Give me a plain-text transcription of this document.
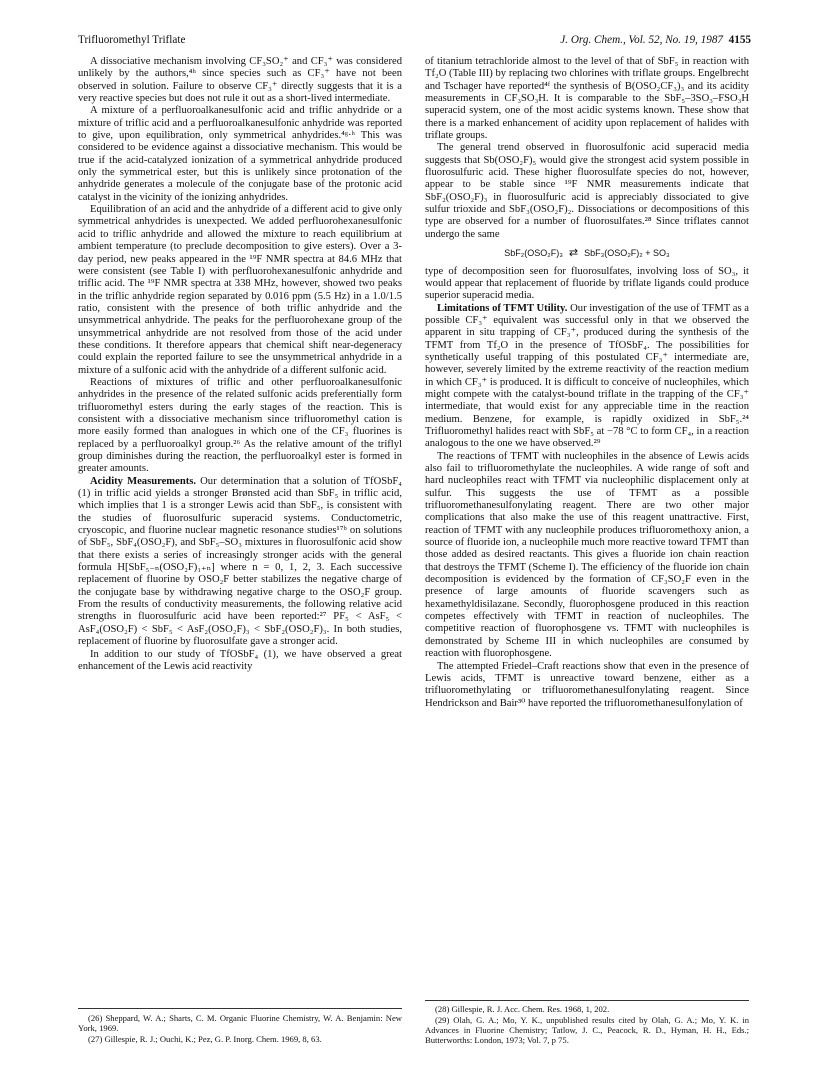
Trifluoromethyl Triflate	J. Org. Chem., Vol. 52, No. 19, 1987 4155

A dissociative mechanism involving CF₃SO₂⁺ and CF₃⁺ was considered unlikely by the authors,⁴ʰ since species such as CF₃⁺ have not been observed in solution. Failure to observe CF₃⁺ directly suggests that it is a very reactive species but does not rule it out as a short-lived intermediate.

A mixture of a perfluoroalkanesulfonic acid and triflic anhydride or a mixture of triflic acid and a perfluoroalkanesulfonic anhydride was reported to give, upon equilibration, only symmetrical anhydrides.⁴ᵍ·ʰ This was considered to be evidence against a dissociative mechanism. This would be true if the acid-catalyzed ionization of a symmetrical anhydride produced only the symmetrical ester, but this is unlikely since protonation of the anhydride generates a molecule of the conjugate base of the protonic acid catalyst in the vicinity of the ionizing anhydrides.

Equilibration of an acid and the anhydride of a different acid to give only symmetrical anhydrides is unexpected. We added perfluorohexanesulfonic acid to triflic anhydride and allowed the mixture to reach equilibrium at ambient temperature (to preclude decomposition to give esters). Over a 3-day period, new peaks appeared in the ¹⁹F NMR spectra at 84.6 MHz that were consistent (see Table I) with perfluorohexanesulfonic anhydride and triflic acid. The ¹⁹F NMR spectra at 338 MHz, however, showed two peaks in the triflic anhydride region separated by 0.016 ppm (5.5 Hz) in a 1.0/1.5 ratio, consistent with the presence of both triflic anhydride and the unsymmetrical anhydride. The peaks for the perfluorohexane group of the unsymmetrical anhydride are not resolved from those of the acid under these conditions. It therefore appears that chemical shift near-degeneracy could explain the reported failure to see the unsymmetrical anhydride in a mixture of a sulfonic acid with the anhydride of a different sulfonic acid.

Reactions of mixtures of triflic and other perfluoroalkanesulfonic anhydrides in the presence of the related sulfonic acids preferentially form trifluoromethyl esters during the early stages of the reaction. This is consistent with a dissociative mechanism since trifluoromethyl cation is more easily formed than analogues in which one of the CF₃ fluorines is replaced by a perfluoroalkyl group.²⁶ As the relative amount of the triflyl group diminishes during the reaction, the perfluoroalkyl ester is formed in greater amounts.

Acidity Measurements. Our determination that a solution of TfOSbF₄ (1) in triflic acid yields a stronger Brønsted acid than SbF₅ in triflic acid, which implies that 1 is a stronger Lewis acid than SbF₅, is consistent with the studies of fluorosulfuric superacid systems. Conductometric, cryoscopic, and fluorine nuclear magnetic resonance studies¹⁷ᵇ on solutions of SbF₅, SbF₄(OSO₂F), and SbF₅–SO₃ mixtures in fluorosulfonic acid show that there exists a series of increasingly stronger acids with the general formula H[SbF₅₋ₙ(OSO₂F)₁₊ₙ] where n = 0, 1, 2, 3. Each successive replacement of fluorine by OSO₂F better stabilizes the negative charge of the conjugate base by withdrawing negative charge to the OSO₂F group. From the results of conductivity measurements, the following relative acid strengths in fluorosulfuric acid have been reported:²⁷ PF₅ < AsF₅ < AsF₄(OSO₂F) < SbF₅ < AsF₂(OSO₂F)₃ < SbF₂(OSO₂F)₃. In both studies, replacement of fluorine by fluorosulfate gave a stronger acid.

In addition to our study of TfOSbF₄ (1), we have observed a great enhancement of the Lewis acid reactivity

of titanium tetrachloride almost to the level of that of SbF₅ in reaction with Tf₂O (Table III) by replacing two chlorines with triflate groups. Engelbrecht and Tschager have reported⁴ᶠ the synthesis of B(OSO₂CF₃)₃ and its acidity measurements in CF₃SO₃H. It is comparable to the SbF₅–3SO₃–FSO₃H superacid system, one of the most acidic systems known. These show that there is a marked enhancement of acidity upon replacement of halides with triflate groups.

The general trend observed in fluorosulfonic acid superacid media suggests that Sb(OSO₂F)₅ would give the strongest acid system possible in fluorosulfuric acid. These higher fluorosulfate species do not, however, appear to be stable since ¹⁹F NMR measurements indicate that SbF₂(OSO₂F)₃ in fluorosulfuric acid is appreciably dissociated to give sulfur trioxide and SbF₃(OSO₂F)₂. Dissociations or decompositions of this type are observed for a number of fluorosulfates.²⁸ Since triflates cannot undergo the same

SbF₂(OSO₂F)₃ ⇄ SbF₃(OSO₂F)₂ + SO₃

type of decomposition seen for fluorosulfates, involving loss of SO₃, it would appear that replacement of fluoride by triflate ligands could produce superior superacid media.

Limitations of TFMT Utility. Our investigation of the use of TFMT as a possible CF₃⁺ equivalent was successful only in that we observed the apparent in situ trapping of CF₃⁺, produced during the synthesis of the TFMT from Tf₂O in the presence of TfOSbF₄. The possibilities for synthetically useful trapping of this postulated CF₃⁺ intermediate are, however, severely limited by the extreme reactivity of the reaction medium in which CF₃⁺ is produced. It is difficult to conceive of nucleophiles, which might compete with the catalyst-bound triflate in the trapping of the CF₃⁺ intermediate, that would exist for any appreciable time in the reaction medium. Benzene, for example, is rapidly oxidized in SbF₅.²⁴ Trifluoromethyl halides react with SbF₅ at −78 °C to form CF₄, in a reaction analogous to the one we have observed.²⁹

The reactions of TFMT with nucleophiles in the absence of Lewis acids also fail to trifluoromethylate the nucleophiles. A wide range of soft and hard nucleophiles react with TFMT via nucleophilic displacement only at sulfur. This suggests the use of TFMT as a possible trifluoromethanesulfonylating reagent. There are two other major complications that also make the use of this reagent unattractive. First, reaction of TFMT with any nucleophile produces trifluoromethoxy anion, a source of fluoride ion, a nucleophile much more reactive toward TFMT than those added as desired reactants. This gives a fluoride ion chain reaction that destroys the TFMT (Scheme I). The efficiency of the fluoride ion chain decomposition is evidenced by the formation of CF₃SO₂F even in the presence of large amounts of fluoride scavengers such as hexamethyldisilazane. Secondly, fluorophosgene produced in this reaction competes effectively with TFMT in reaction of nucleophiles. The competitive reaction of fluorophosgene vs. TFMT with nucleophiles is demonstrated by Scheme III in which nucleophiles are consumed by reaction with fluorophosgene.

The attempted Friedel–Craft reactions show that even in the presence of Lewis acids, TFMT is unreactive toward benzene, either as a trifluoromethylating or trifluoromethanesulfonylating reagent. Since Hendrickson and Bair³⁰ have reported the trifluoromethanesulfonylation of

(26) Sheppard, W. A.; Sharts, C. M. Organic Fluorine Chemistry, W. A. Benjamin: New York, 1969.

(27) Gillespie, R. J.; Ouchi, K.; Pez, G. P. Inorg. Chem. 1969, 8, 63.

(28) Gillespie, R. J. Acc. Chem. Res. 1968, 1, 202.

(29) Olah, G. A.; Mo, Y. K., unpublished results cited by Olah, G. A.; Mo, Y. K. in Advances in Fluorine Chemistry; Tatlow, J. C., Peacock, R. D., Hyman, H. H., Eds.; Butterworths: London, 1973; Vol. 7, p 75.
